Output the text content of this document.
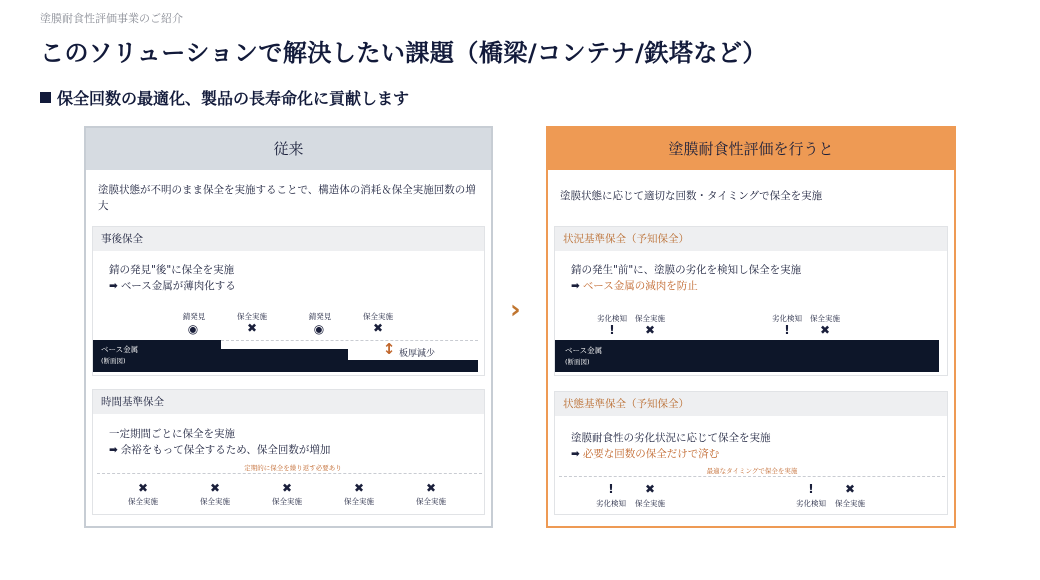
塗膜耐食性評価事業のご紹介
このソリューションで解決したい課題（橋梁/コンテナ/鉄塔など）
保全回数の最適化、製品の長寿命化に貢献します
従来
塗膜状態が不明のまま保全を実施することで、構造体の消耗＆保全実施回数の増大
事後保全
錆の発見"後"に保全を実施
➡ ベース金属が薄肉化する
錆発見
◉
保全実施
✖
錆発見
◉
保全実施
✖
ベース金属
(断面図)
↕ 板厚減少
時間基準保全
一定期間ごとに保全を実施
➡ 余裕をもって保全するため、保全回数が増加
定期的に保全を繰り返す必要あり
✖
保全実施
✖
保全実施
✖
保全実施
✖
保全実施
✖
保全実施
›
塗膜耐食性評価を行うと
塗膜状態に応じて適切な回数・タイミングで保全を実施
状況基準保全（予知保全）
錆の発生"前"に、塗膜の劣化を検知し保全を実施
➡ ベース金属の減肉を防止
劣化検知
!
保全実施
✖
劣化検知
!
保全実施
✖
ベース金属
(断面図)
状態基準保全（予知保全）
塗膜耐食性の劣化状況に応じて保全を実施
➡ 必要な回数の保全だけで済む
最適なタイミングで保全を実施
!
劣化検知
✖
保全実施
!
劣化検知
✖
保全実施
